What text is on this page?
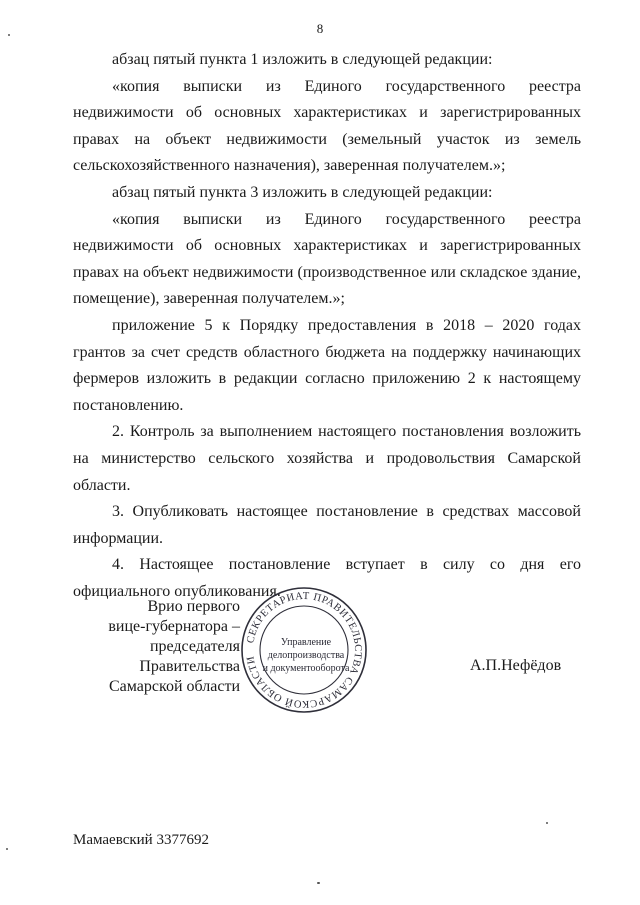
8

абзац пятый пункта 1 изложить в следующей редакции:

«копия выписки из Единого государственного реестра недвижимости об основных характеристиках и зарегистрированных правах на объект недвижимости (земельный участок из земель сельскохозяйственного назначения), заверенная получателем.»;

абзац пятый пункта 3 изложить в следующей редакции:

«копия выписки из Единого государственного реестра недвижимости об основных характеристиках и зарегистрированных правах на объект недвижимости (производственное или складское здание, помещение), заверенная получателем.»;

приложение 5 к Порядку предоставления в 2018 – 2020 годах грантов за счет средств областного бюджета на поддержку начинающих фермеров изложить в редакции согласно приложению 2 к настоящему постановлению.

2. Контроль за выполнением настоящего постановления возложить на министерство сельского хозяйства и продовольствия Самарской области.

3. Опубликовать настоящее постановление в средствах массовой информации.

4. Настоящее постановление вступает в силу со дня его официального опубликования.

СЕКРЕТАРИАТ ПРАВИТЕЛЬСТВА САМАРСКОЙ ОБЛАСТИ
Управление
делопроизводства
и документооборота
Врио первого
вице-губернатора –
председателя Правительства
Самарской области
А.П.Нефёдов
Мамаевский 3377692
